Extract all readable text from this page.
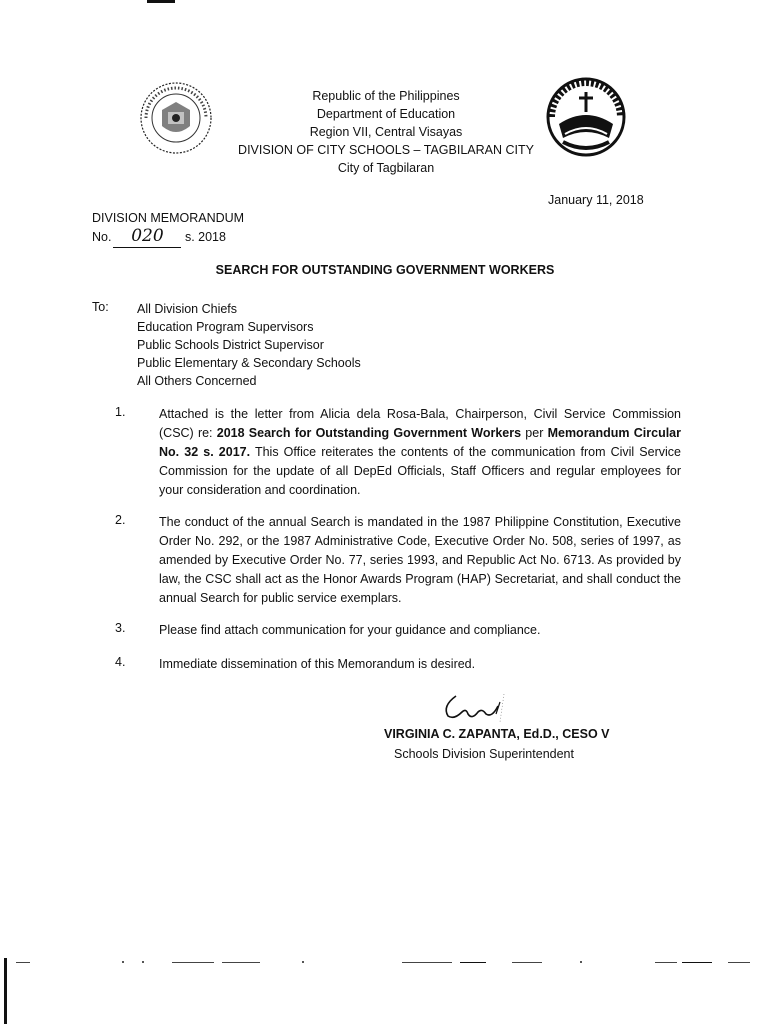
Republic of the Philippines
Department of Education
Region VII, Central Visayas
DIVISION OF CITY SCHOOLS – TAGBILARAN CITY
City of Tagbilaran
January 11, 2018
DIVISION MEMORANDUM
No. 020 s. 2018
SEARCH FOR OUTSTANDING GOVERNMENT WORKERS
To: All Division Chiefs
Education Program Supervisors
Public Schools District Supervisor
Public Elementary & Secondary Schools
All Others Concerned
1.	Attached is the letter from Alicia dela Rosa-Bala, Chairperson, Civil Service Commission (CSC) re: 2018 Search for Outstanding Government Workers per Memorandum Circular No. 32 s. 2017. This Office reiterates the contents of the communication from Civil Service Commission for the update of all DepEd Officials, Staff Officers and regular employees for your consideration and coordination.
2.	The conduct of the annual Search is mandated in the 1987 Philippine Constitution, Executive Order No. 292, or the 1987 Administrative Code, Executive Order No. 508, series of 1997, as amended by Executive Order No. 77, series 1993, and Republic Act No. 6713. As provided by law, the CSC shall act as the Honor Awards Program (HAP) Secretariat, and shall conduct the annual Search for public service exemplars.
3.	Please find attach communication for your guidance and compliance.
4.	Immediate dissemination of this Memorandum is desired.
VIRGINIA C. ZAPANTA, Ed.D., CESO V
Schools Division Superintendent
